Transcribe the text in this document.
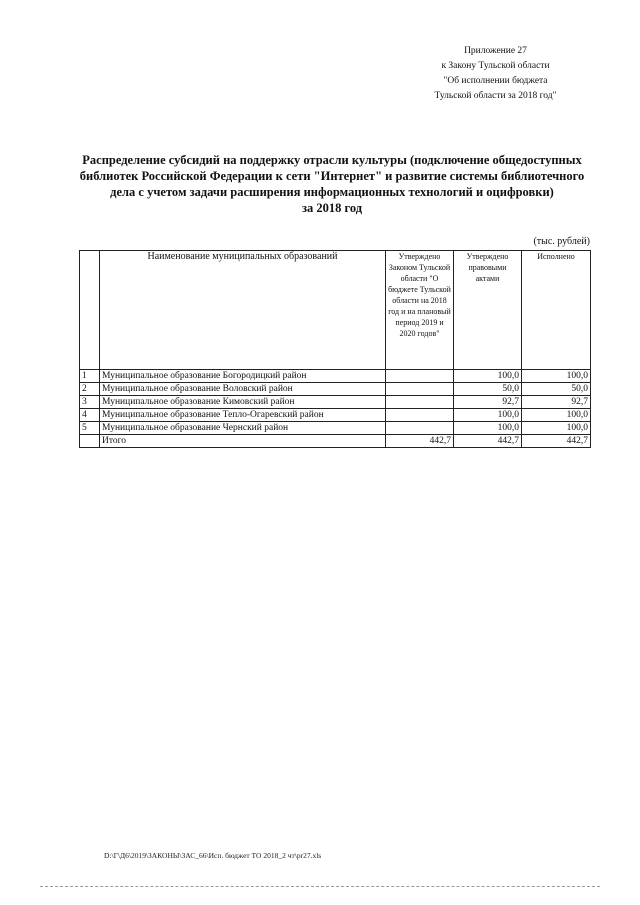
Приложение 27
к Закону Тульской области
"Об исполнении бюджета
Тульской области за 2018 год"
Распределение субсидий на поддержку отрасли культуры (подключение общедоступных
библиотек Российской Федерации к сети "Интернет" и развитие системы библиотечного
дела с учетом задачи расширения информационных технологий и оцифровки)
за 2018 год
(тыс. рублей)
	Наименование муниципальных образований	Утверждено Законом Тульской области "О бюджете Тульской области на 2018 год и на плановый период 2019 и 2020 годов"	Утверждено правовыми актами	Исполнено
1	Муниципальное образование Богородицкий район		100,0	100,0
2	Муниципальное образование Воловский район		50,0	50,0
3	Муниципальное образование Кимовский район		92,7	92,7
4	Муниципальное образование Тепло-Огаревский район		100,0	100,0
5	Муниципальное образование Чернский район		100,0	100,0
	Итого	442,7	442,7	442,7
D:\Г\Д6\2019\ЗАКОНЫ\ЗАС_66\Исп. бюджет ТО 2018_2 чт\pr27.xls
